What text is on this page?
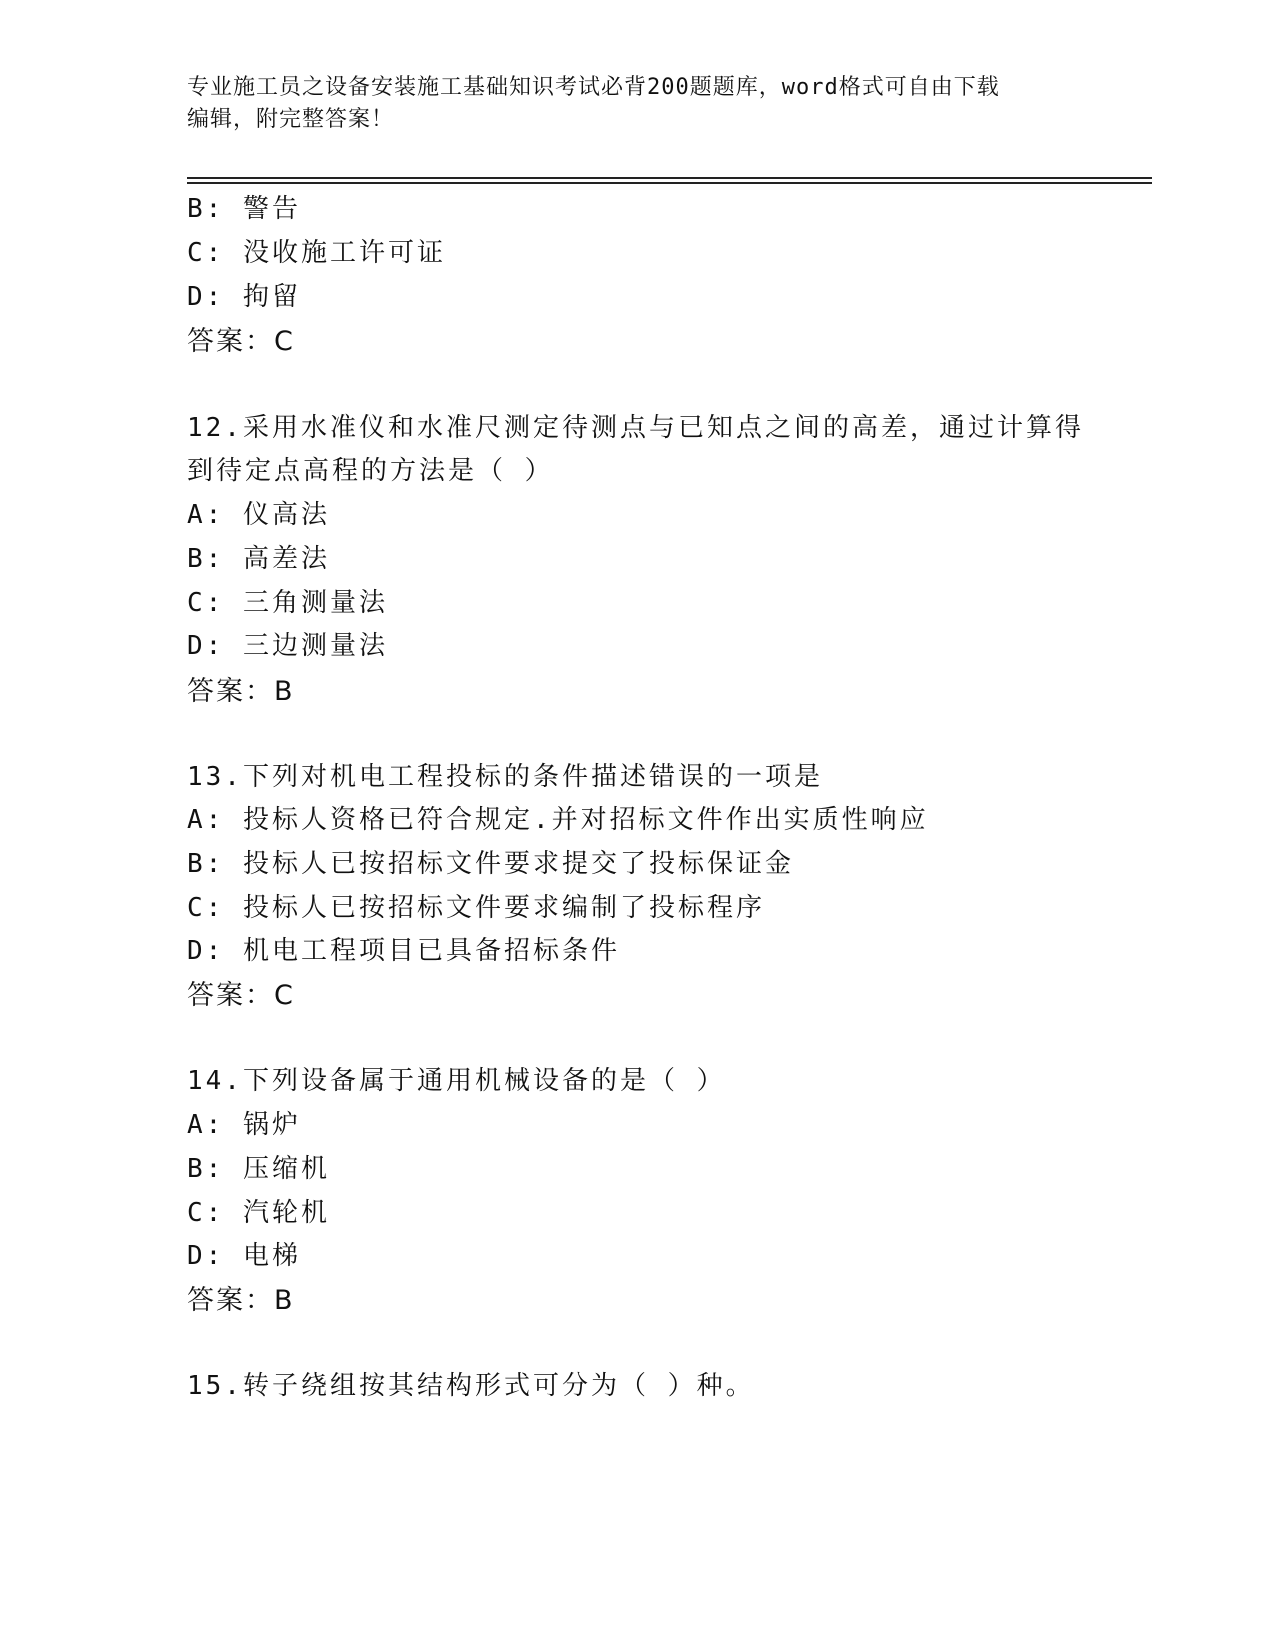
专业施工员之设备安装施工基础知识考试必背200题题库，word格式可自由下载
编辑，附完整答案！
B: 警告
C: 没收施工许可证
D: 拘留
答案：C
12.采用水准仪和水准尺测定待测点与已知点之间的高差，通过计算得
到待定点高程的方法是（ ）
A: 仪高法
B: 高差法
C: 三角测量法
D: 三边测量法
答案：B
13.下列对机电工程投标的条件描述错误的一项是
A: 投标人资格已符合规定.并对招标文件作出实质性响应
B: 投标人已按招标文件要求提交了投标保证金
C: 投标人已按招标文件要求编制了投标程序
D: 机电工程项目已具备招标条件
答案：C
14.下列设备属于通用机械设备的是（ ）
A: 锅炉
B: 压缩机
C: 汽轮机
D: 电梯
答案：B
15.转子绕组按其结构形式可分为（ ）种。
